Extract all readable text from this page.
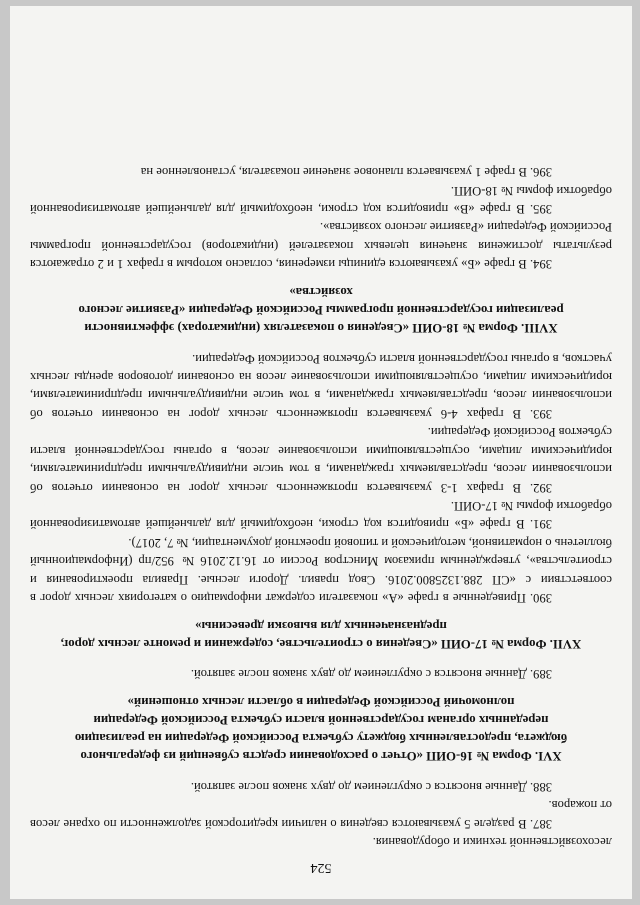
524
лесохозяйственной техники и оборудования.
387. В разделе 5 указываются сведения о наличии кредиторской задолженности по охране лесов от пожаров.
388. Данные вносятся с округлением до двух знаков после запятой.
XVI. Форма № 16-ОИП «Отчет о расходовании средств субвенций из федерального бюджета, предоставленных бюджету субъекта Российской Федерации на реализацию переданных органам государственной власти субъекта Российской Федерации полномочий Российской Федерации в области лесных отношений»
389. Данные вносятся с округлением до двух знаков после запятой.
XVII. Форма № 17-ОИП «Сведения о строительстве, содержании и ремонте лесных дорог, предназначенных для вывозки древесины»
390. Приведенные в графе «А» показатели содержат информацию о категориях лесных дорог в соответствии с «СП 288.1325800.2016. Свод правил. Дороги лесные. Правила проектирования и строительства», утвержденным приказом Минстроя России от 16.12.2016 № 952/пр (Информационный бюллетень о нормативной, методической и типовой проектной документации, № 7, 2017).
391. В графе «Б» приводится код строки, необходимый для дальнейшей автоматизированной обработки формы № 17-ОИП.
392. В графах 1-3 указывается протяженность лесных дорог на основании отчетов об использовании лесов, представляемых гражданами, в том числе индивидуальными предпринимателями, юридическими лицами, осуществляющими использование лесов, в органы государственной власти субъектов Российской Федерации.
393. В графах 4-6 указывается протяженность лесных дорог на основании отчетов об использовании лесов, представляемых гражданами, в том числе индивидуальными предпринимателями, юридическими лицами, осуществляющими использование лесов на основании договоров аренды лесных участков, в органы государственной власти субъектов Российской Федерации.
XVIII. Форма № 18-ОИП «Сведения о показателях (индикаторах) эффективности реализации государственной программы Российской Федерации «Развитие лесного хозяйства»
394. В графе «Б» указываются единицы измерения, согласно которым в графах 1 и 2 отражаются результаты достижения значения целевых показателей (индикаторов) государственной программы Российской Федерации «Развитие лесного хозяйства».
395. В графе «В» приводится код строки, необходимый для дальнейшей автоматизированной обработки формы № 18-ОИП.
396. В графе 1 указывается плановое значение показателя, установленное на
